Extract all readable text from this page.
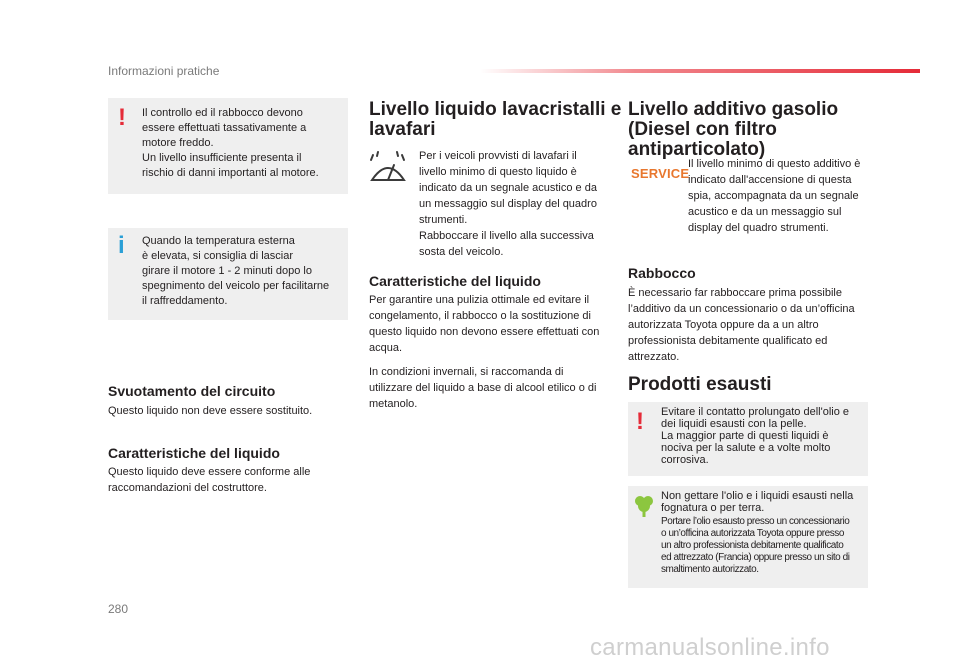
Informazioni pratiche
! Il controllo ed il rabbocco devono
essere effettuati tassativamente a
motore freddo.
Un livello insufficiente presenta il
rischio di danni importanti al motore.
i Quando la temperatura esterna
è elevata, si consiglia di lasciar
girare il motore 1 - 2 minuti dopo lo
spegnimento del veicolo per facilitarne
il raffreddamento.
Svuotamento del circuito
Questo liquido non deve essere sostituito.
Caratteristiche del liquido
Questo liquido deve essere conforme alle
raccomandazioni del costruttore.
Livello liquido lavacristalli e
lavafari
Per i veicoli provvisti di lavafari il
livello minimo di questo liquido è
indicato da un segnale acustico e da
un messaggio sul display del quadro
strumenti.
Rabboccare il livello alla successiva
sosta del veicolo.
Caratteristiche del liquido
Per garantire una pulizia ottimale ed evitare il
congelamento, il rabbocco o la sostituzione di
questo liquido non devono essere effettuati con
acqua.
In condizioni invernali, si raccomanda di
utilizzare del liquido a base di alcool etilico o di
metanolo.
Livello additivo gasolio
(Diesel con filtro
antiparticolato)
SERVICE
Il livello minimo di questo additivo è
indicato dall'accensione di questa
spia, accompagnata da un segnale
acustico e da un messaggio sul
display del quadro strumenti.
Rabbocco
È necessario far rabboccare prima possibile
l’additivo da un concessionario o da un’officina
autorizzata Toyota oppure da a un altro
professionista debitamente qualificato ed
attrezzato.
Prodotti esausti
! Evitare il contatto prolungato dell'olio e
dei liquidi esausti con la pelle.
La maggior parte di questi liquidi è
nociva per la salute e a volte molto
corrosiva.
Non gettare l'olio e i liquidi esausti nella
fognatura o per terra.
Portare l’olio esausto presso un concessionario
o un’officina autorizzata Toyota oppure presso
un altro professionista debitamente qualificato
ed attrezzato (Francia) oppure presso un sito di
smaltimento autorizzato.
280
carmanualsonline.info
